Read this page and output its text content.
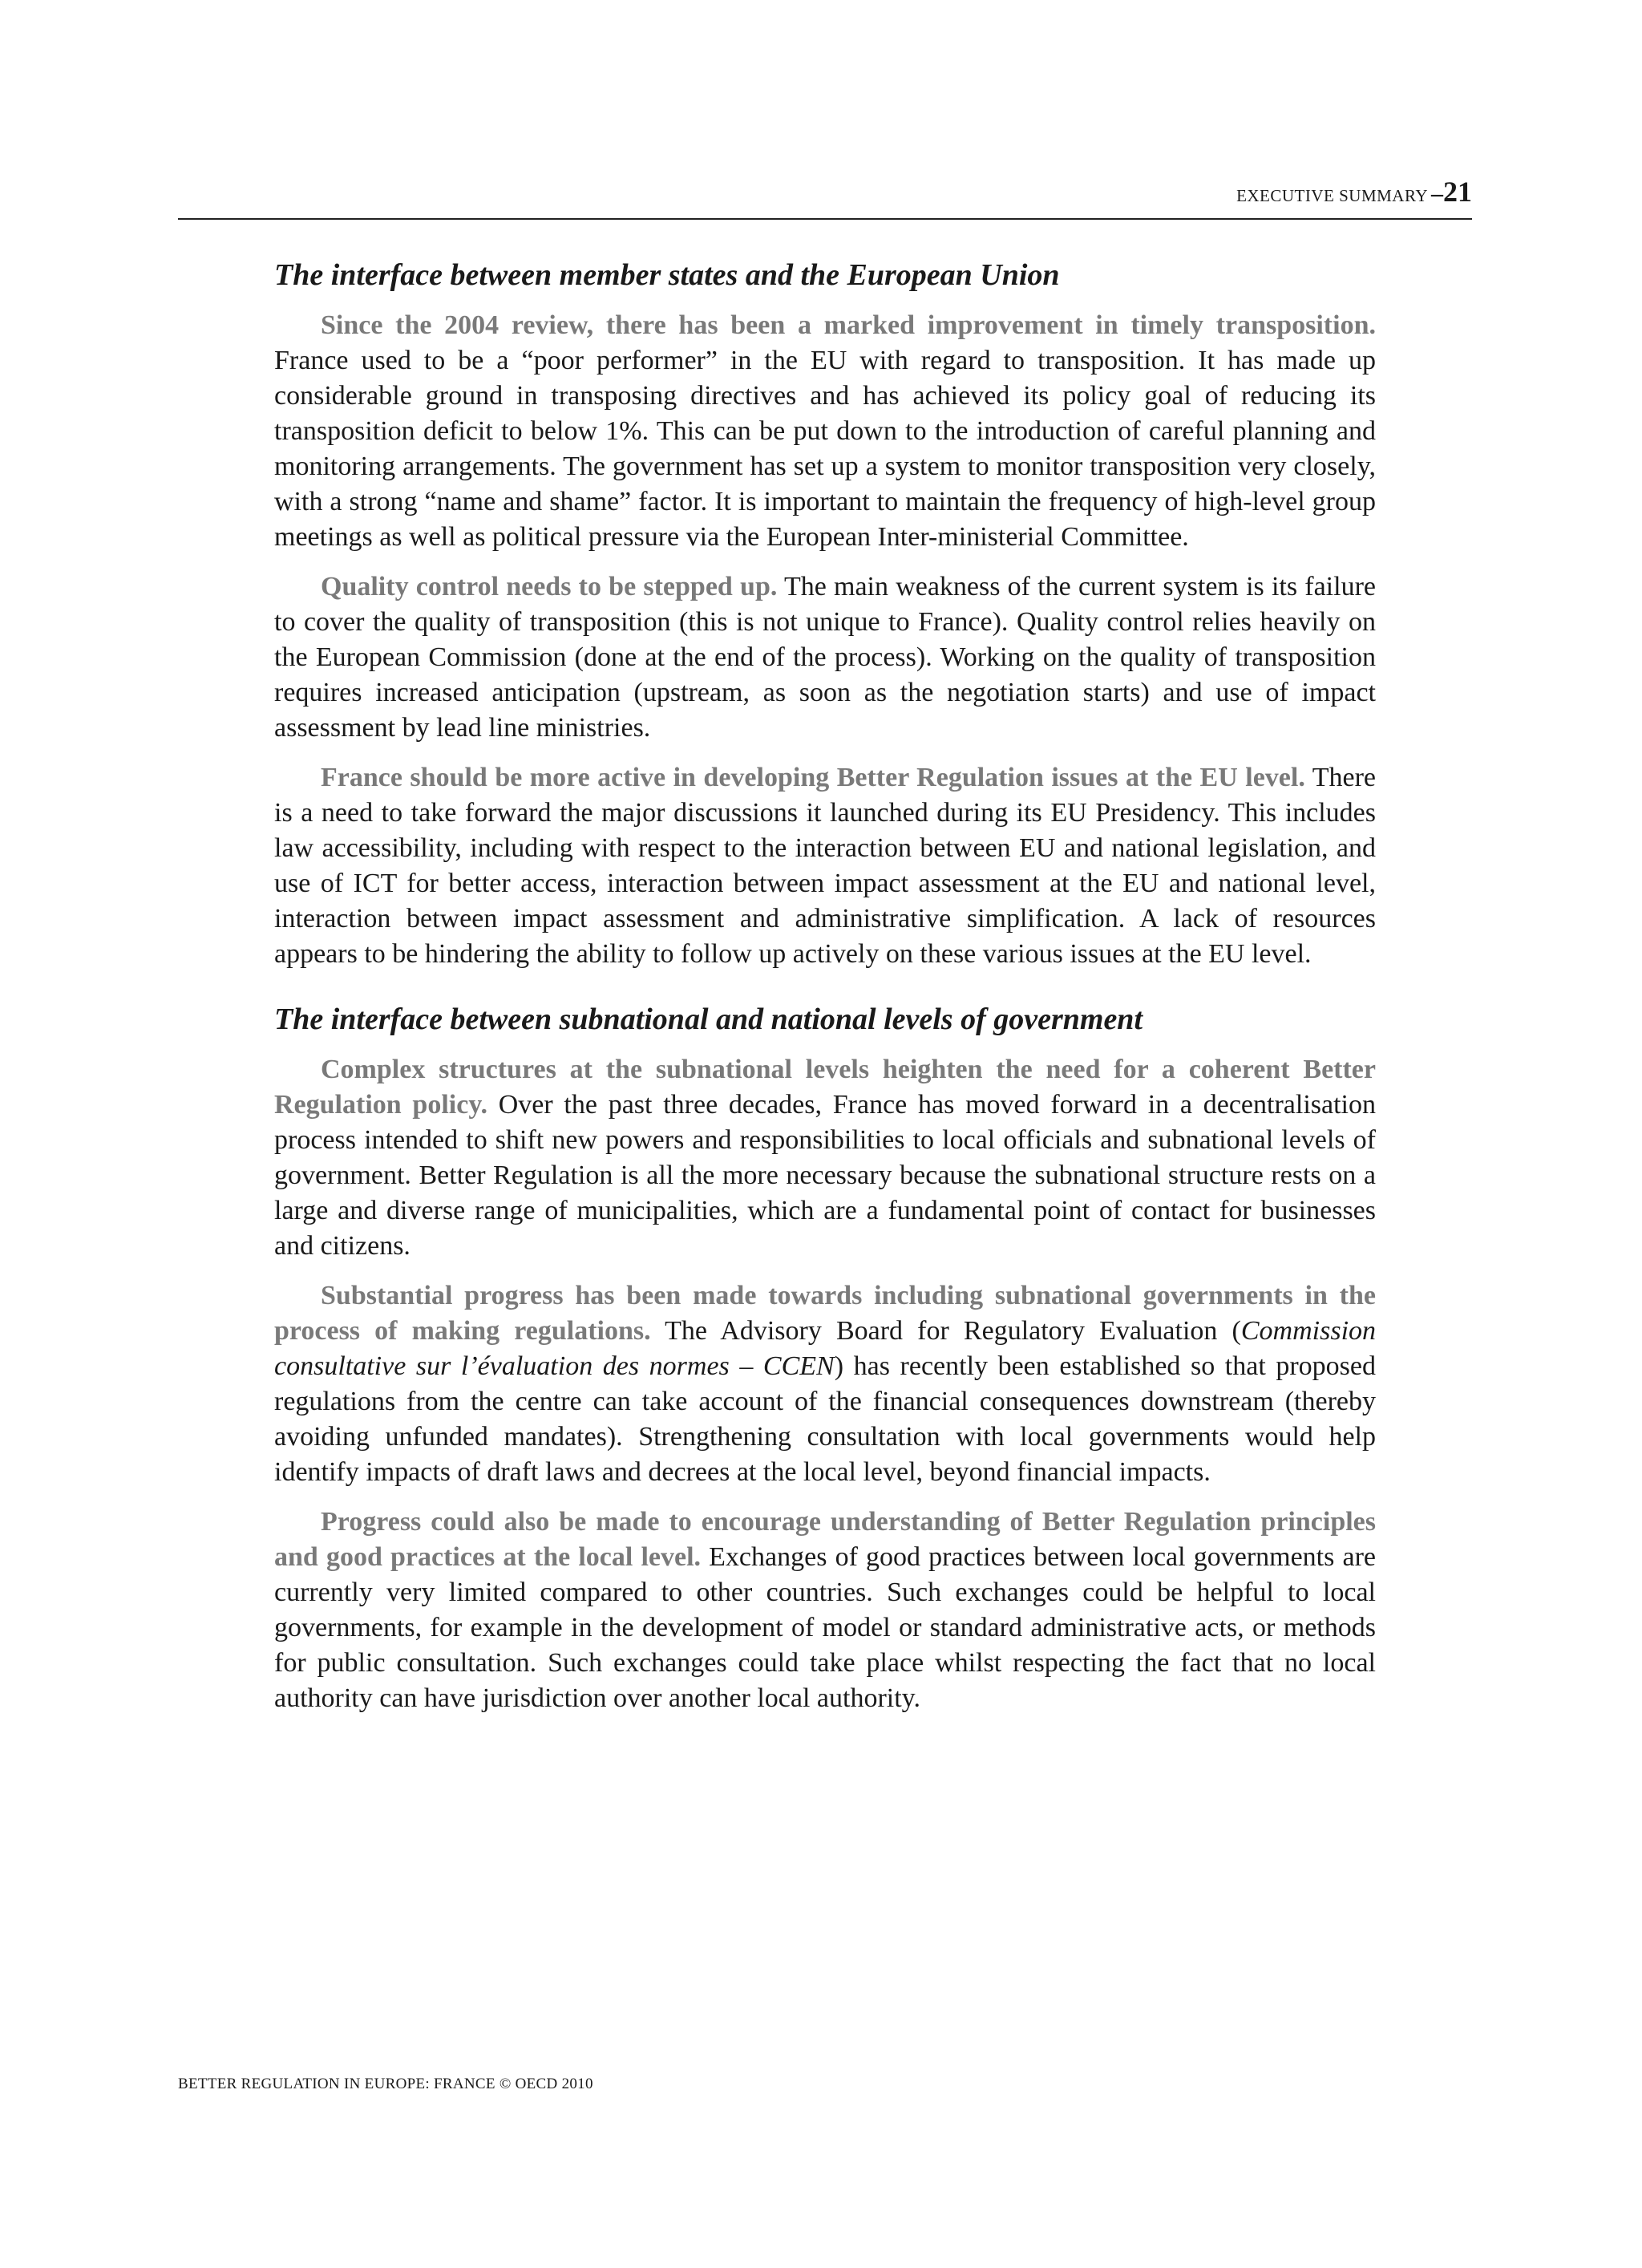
EXECUTIVE SUMMARY –21
The interface between member states and the European Union

Since the 2004 review, there has been a marked improvement in timely transposition. France used to be a “poor performer” in the EU with regard to transposition. It has made up considerable ground in transposing directives and has achieved its policy goal of reducing its transposition deficit to below 1%. This can be put down to the introduction of careful planning and monitoring arrangements. The government has set up a system to monitor transposition very closely, with a strong “name and shame” factor. It is important to maintain the frequency of high-level group meetings as well as political pressure via the European Inter-ministerial Committee.

Quality control needs to be stepped up. The main weakness of the current system is its failure to cover the quality of transposition (this is not unique to France). Quality control relies heavily on the European Commission (done at the end of the process). Working on the quality of transposition requires increased anticipation (upstream, as soon as the negotiation starts) and use of impact assessment by lead line ministries.

France should be more active in developing Better Regulation issues at the EU level. There is a need to take forward the major discussions it launched during its EU Presidency. This includes law accessibility, including with respect to the interaction between EU and national legislation, and use of ICT for better access, interaction between impact assessment at the EU and national level, interaction between impact assessment and administrative simplification. A lack of resources appears to be hindering the ability to follow up actively on these various issues at the EU level.

The interface between subnational and national levels of government

Complex structures at the subnational levels heighten the need for a coherent Better Regulation policy. Over the past three decades, France has moved forward in a decentralisation process intended to shift new powers and responsibilities to local officials and subnational levels of government. Better Regulation is all the more necessary because the subnational structure rests on a large and diverse range of municipalities, which are a fundamental point of contact for businesses and citizens.

Substantial progress has been made towards including subnational governments in the process of making regulations. The Advisory Board for Regulatory Evaluation (Commission consultative sur l’évaluation des normes – CCEN) has recently been established so that proposed regulations from the centre can take account of the financial consequences downstream (thereby avoiding unfunded mandates). Strengthening consultation with local governments would help identify impacts of draft laws and decrees at the local level, beyond financial impacts.

Progress could also be made to encourage understanding of Better Regulation principles and good practices at the local level. Exchanges of good practices between local governments are currently very limited compared to other countries. Such exchanges could be helpful to local governments, for example in the development of model or standard administrative acts, or methods for public consultation. Such exchanges could take place whilst respecting the fact that no local authority can have jurisdiction over another local authority.

BETTER REGULATION IN EUROPE: FRANCE © OECD 2010
